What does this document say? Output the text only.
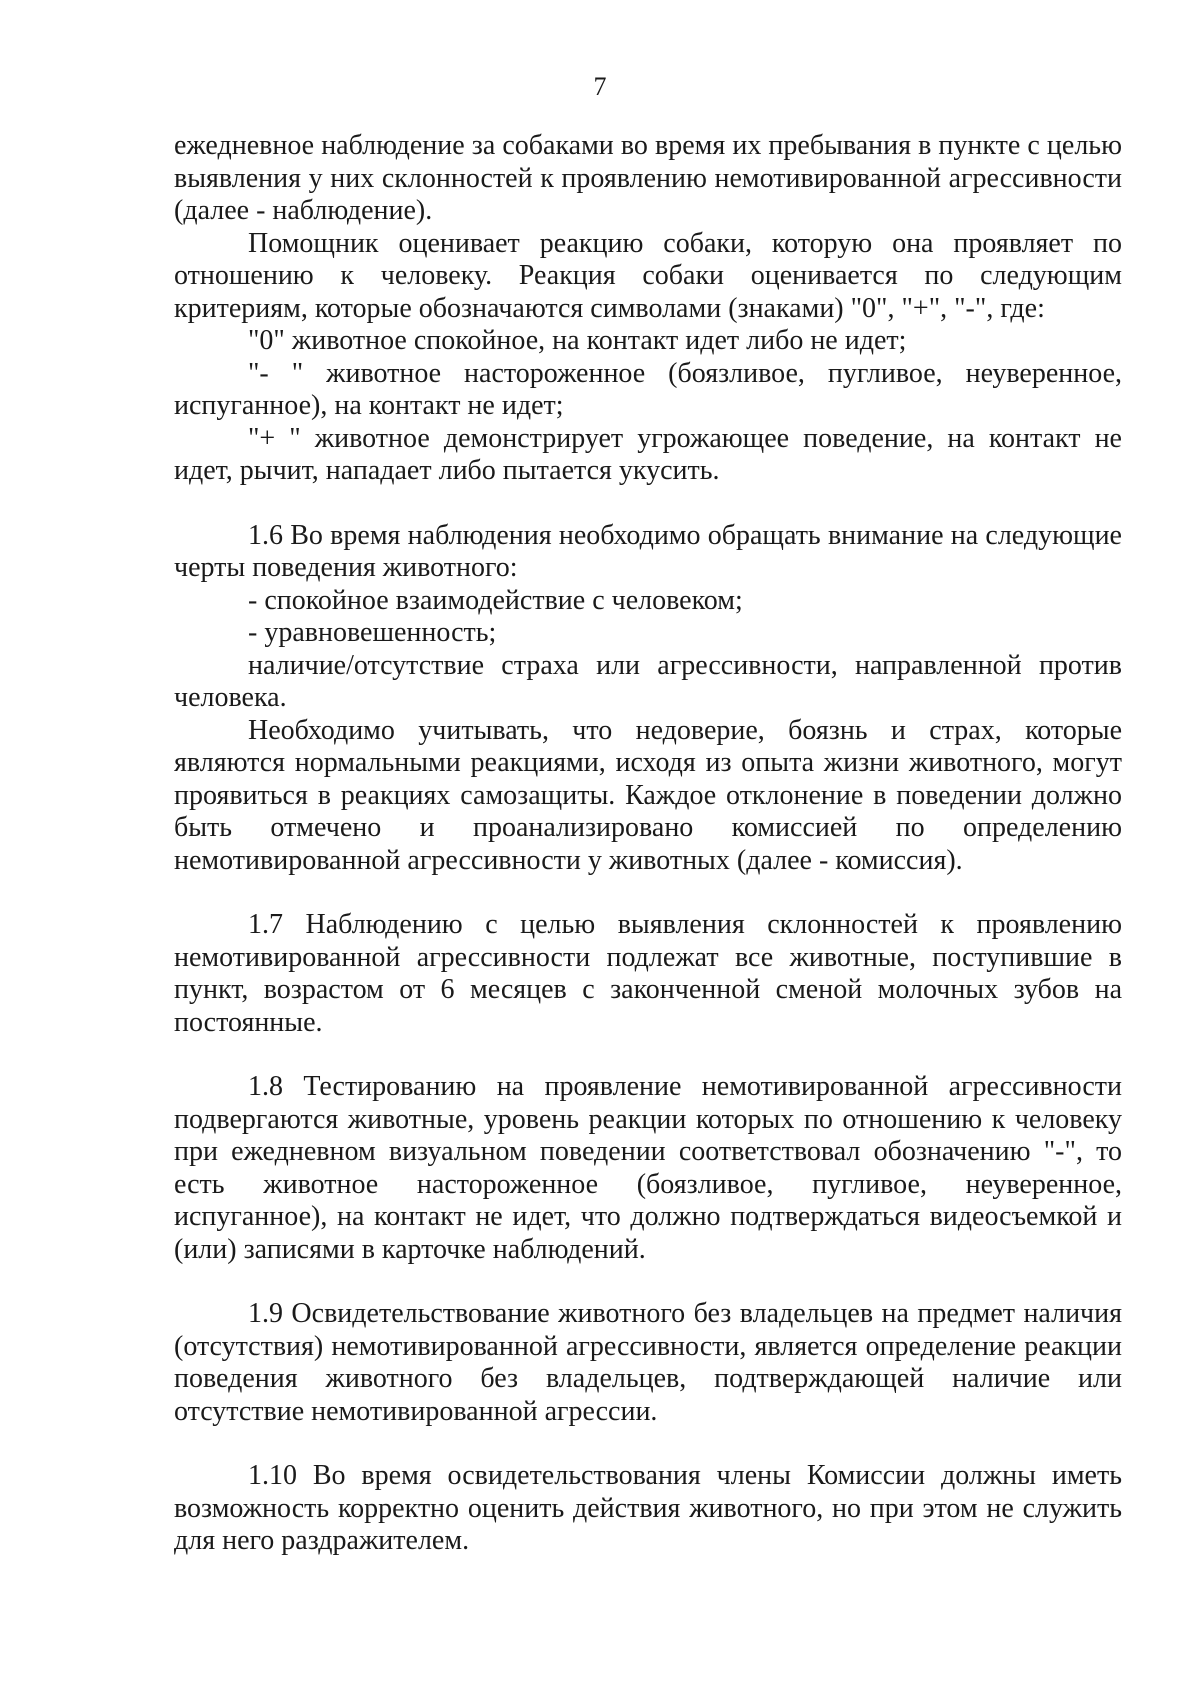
7

ежедневное наблюдение за собаками во время их пребывания в пункте с целью выявления у них склонностей к проявлению немотивированной агрессивности (далее - наблюдение).

Помощник оценивает реакцию собаки, которую она проявляет по отношению к человеку. Реакция собаки оценивается по следующим критериям, которые обозначаются символами (знаками) "0", "+", "-", где:

"0" животное спокойное, на контакт идет либо не идет;

"- " животное настороженное (боязливое, пугливое, неуверенное, испуганное), на контакт не идет;

"+ " животное демонстрирует угрожающее поведение, на контакт не идет, рычит, нападает либо пытается укусить.

1.6 Во время наблюдения необходимо обращать внимание на следующие черты поведения животного:

- спокойное взаимодействие с человеком;

- уравновешенность;

наличие/отсутствие страха или агрессивности, направленной против человека.

Необходимо учитывать, что недоверие, боязнь и страх, которые являются нормальными реакциями, исходя из опыта жизни животного, могут проявиться в реакциях самозащиты. Каждое отклонение в поведении должно быть отмечено и проанализировано комиссией по определению немотивированной агрессивности у животных (далее - комиссия).

1.7 Наблюдению с целью выявления склонностей к проявлению немотивированной агрессивности подлежат все животные, поступившие в пункт, возрастом от 6 месяцев с законченной сменой молочных зубов на постоянные.

1.8 Тестированию на проявление немотивированной агрессивности подвергаются животные, уровень реакции которых по отношению к человеку при ежедневном визуальном поведении соответствовал обозначению "-", то есть животное настороженное (боязливое, пугливое, неуверенное, испуганное), на контакт не идет, что должно подтверждаться видеосъемкой и (или) записями в карточке наблюдений.

1.9 Освидетельствование животного без владельцев на предмет наличия (отсутствия) немотивированной агрессивности, является определение реакции поведения животного без владельцев, подтверждающей наличие или отсутствие немотивированной агрессии.

1.10 Во время освидетельствования члены Комиссии должны иметь возможность корректно оценить действия животного, но при этом не служить для него раздражителем.
